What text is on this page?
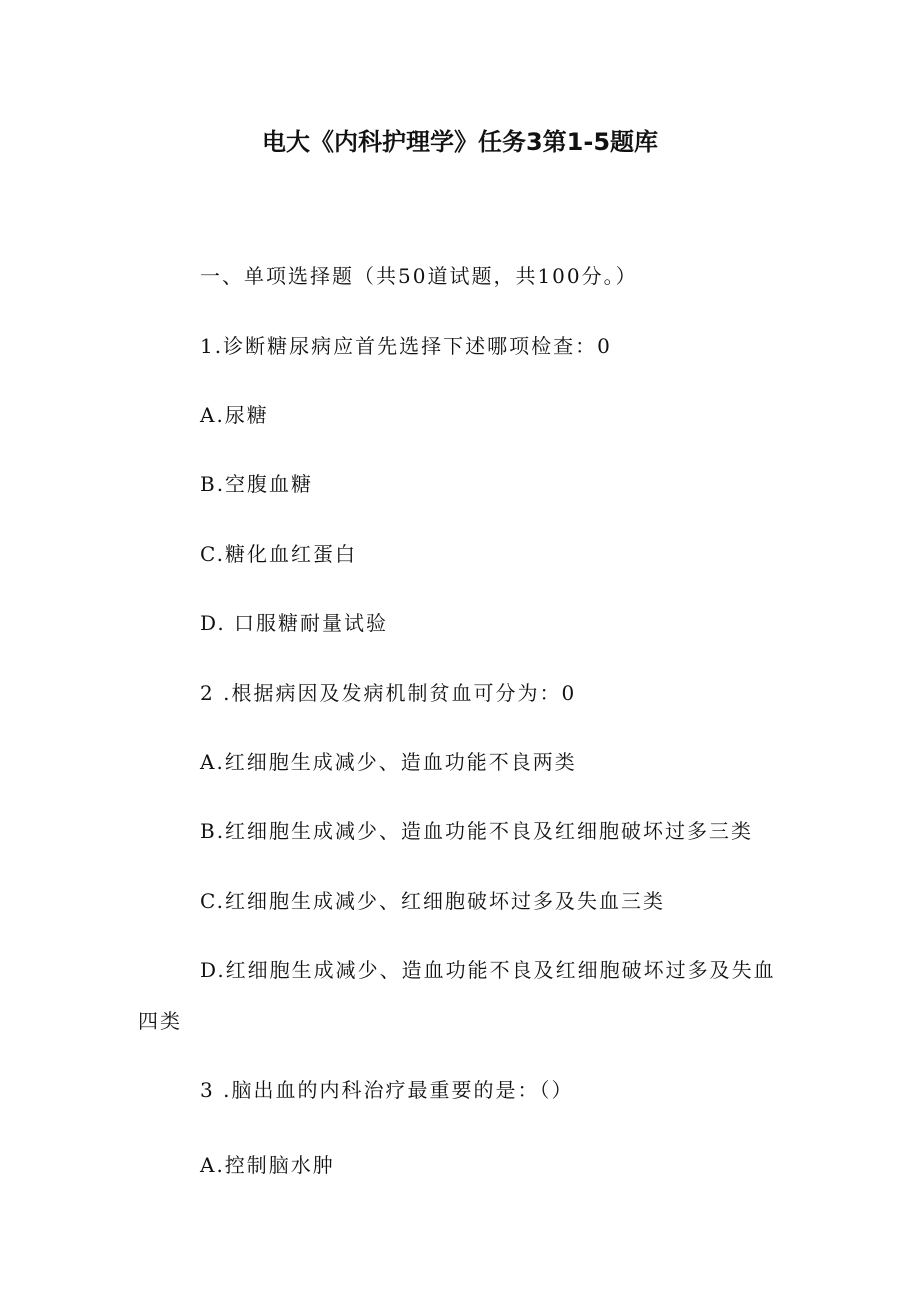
电大《内科护理学》任务3第1-5题库
一、单项选择题（共50道试题，共100分。）
1.诊断糖尿病应首先选择下述哪项检查：0
A.尿糖
B.空腹血糖
C.糖化血红蛋白
D. 口服糖耐量试验
2 .根据病因及发病机制贫血可分为：0
A.红细胞生成减少、造血功能不良两类
B.红细胞生成减少、造血功能不良及红细胞破坏过多三类
C.红细胞生成减少、红细胞破坏过多及失血三类
D.红细胞生成减少、造血功能不良及红细胞破坏过多及失血
四类
3 .脑出血的内科治疗最重要的是：（）
A.控制脑水肿
